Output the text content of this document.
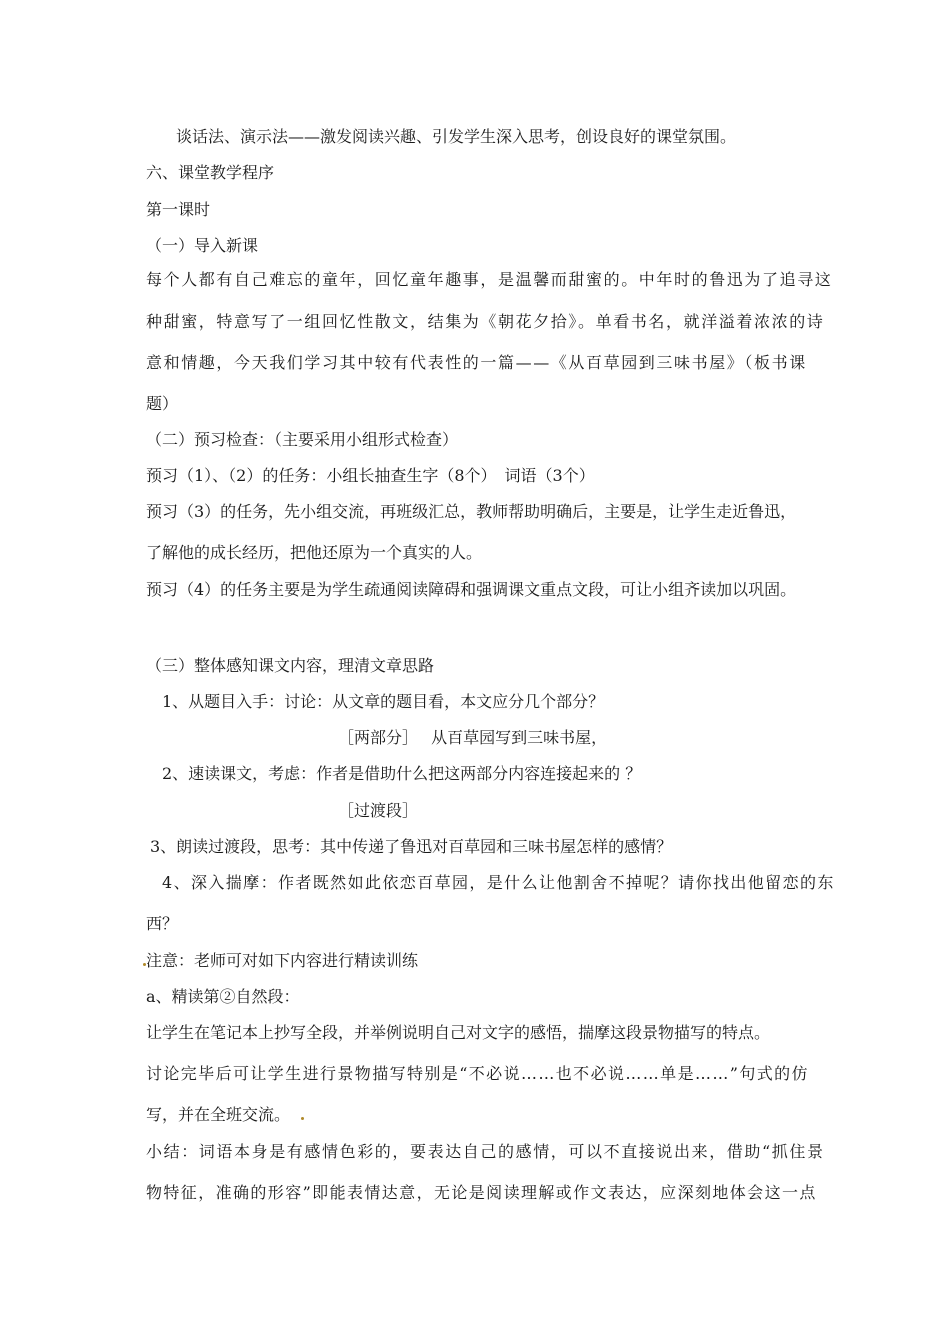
谈话法、演示法——激发阅读兴趣、引发学生深入思考，创设良好的课堂氛围。
六、课堂教学程序
第一课时
（一）导入新课
每个人都有自己难忘的童年，回忆童年趣事，是温馨而甜蜜的。中年时的鲁迅为了追寻这
种甜蜜，特意写了一组回忆性散文，结集为《朝花夕拾》。单看书名，就洋溢着浓浓的诗
意和情趣，今天我们学习其中较有代表性的一篇——《从百草园到三味书屋》（板书课
题）
（二）预习检查：（主要采用小组形式检查）
预习（1）、（2）的任务：小组长抽查生字（8个）　词语（3个）
预习（3）的任务，先小组交流，再班级汇总，教师帮助明确后，主要是，让学生走近鲁迅，
了解他的成长经历，把他还原为一个真实的人。
预习（4）的任务主要是为学生疏通阅读障碍和强调课文重点文段，可让小组齐读加以巩固。
（三）整体感知课文内容，理清文章思路
1、从题目入手：讨论：从文章的题目看，本文应分几个部分？
［两部分］　 从百草园写到三味书屋，
2、速读课文，考虑：作者是借助什么把这两部分内容连接起来的 ？
［过渡段］
3、朗读过渡段，思考：其中传递了鲁迅对百草园和三味书屋怎样的感情？
4、深入揣摩：作者既然如此依恋百草园，是什么让他割舍不掉呢？请你找出他留恋的东
西？
注意：老师可对如下内容进行精读训练
a、精读第②自然段：
让学生在笔记本上抄写全段，并举例说明自己对文字的感悟，揣摩这段景物描写的特点。
讨论完毕后可让学生进行景物描写特别是“不必说……也不必说……单是……”句式的仿
写，并在全班交流。
小结：词语本身是有感情色彩的，要表达自己的感情，可以不直接说出来，借助“抓住景
物特征，准确的形容”即能表情达意，无论是阅读理解或作文表达，应深刻地体会这一点
